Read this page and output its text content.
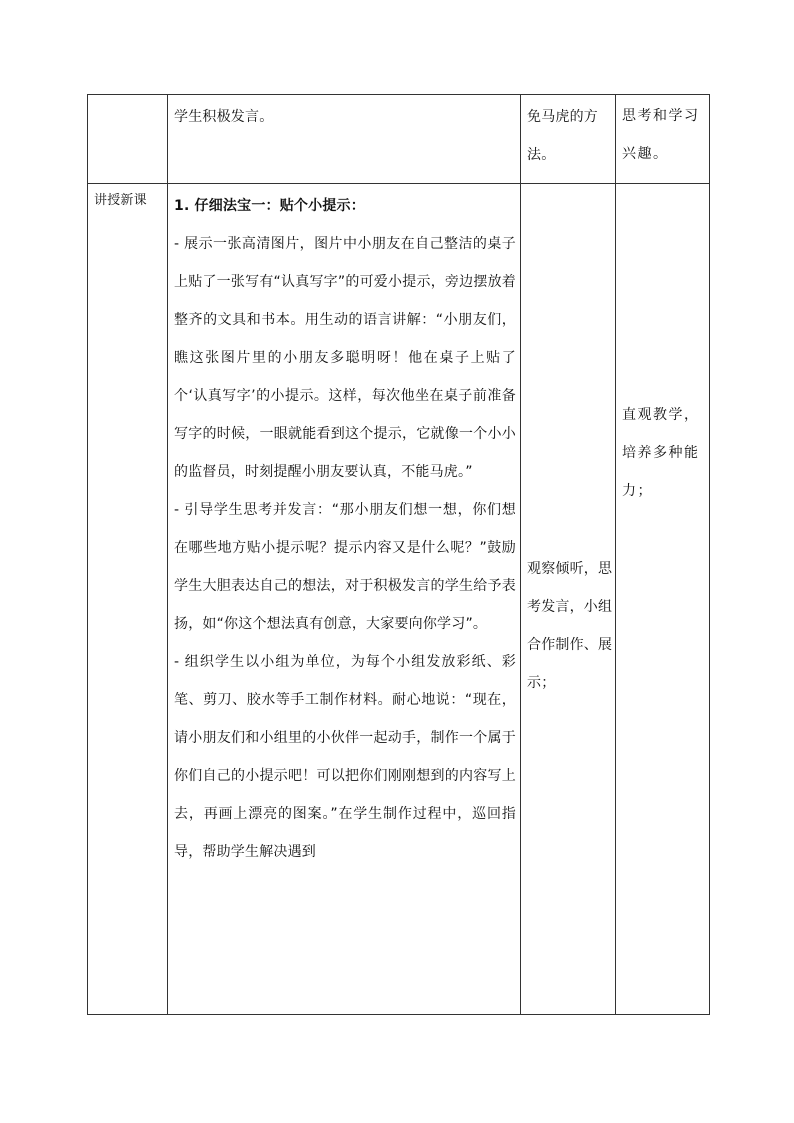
	学生积极发言。	免马虎的方法。	思考和学习兴趣。

讲授新课	1. 仔细法宝一：贴个小提示：

- 展示一张高清图片，图片中小朋友在自己整洁的桌子上贴了一张写有“认真写字”的可爱小提示，旁边摆放着整齐的文具和书本。用生动的语言讲解：“小朋友们，瞧这张图片里的小朋友多聪明呀！他在桌子上贴了个‘认真写字’的小提示。这样，每次他坐在桌子前准备写字的时候，一眼就能看到这个提示，它就像一个小小的监督员，时刻提醒小朋友要认真，不能马虎。”

- 引导学生思考并发言：“那小朋友们想一想，你们想在哪些地方贴小提示呢？提示内容又是什么呢？”鼓励学生大胆表达自己的想法，对于积极发言的学生给予表扬，如“你这个想法真有创意，大家要向你学习”。

- 组织学生以小组为单位，为每个小组发放彩纸、彩笔、剪刀、胶水等手工制作材料。耐心地说：“现在，请小朋友们和小组里的小伙伴一起动手，制作一个属于你们自己的小提示吧！可以把你们刚刚想到的内容写上去，再画上漂亮的图案。”在学生制作过程中，巡回指导，帮助学生解决遇到	观察倾听，思考发言，小组合作制作、展示；	直观教学，培养多种能力；
